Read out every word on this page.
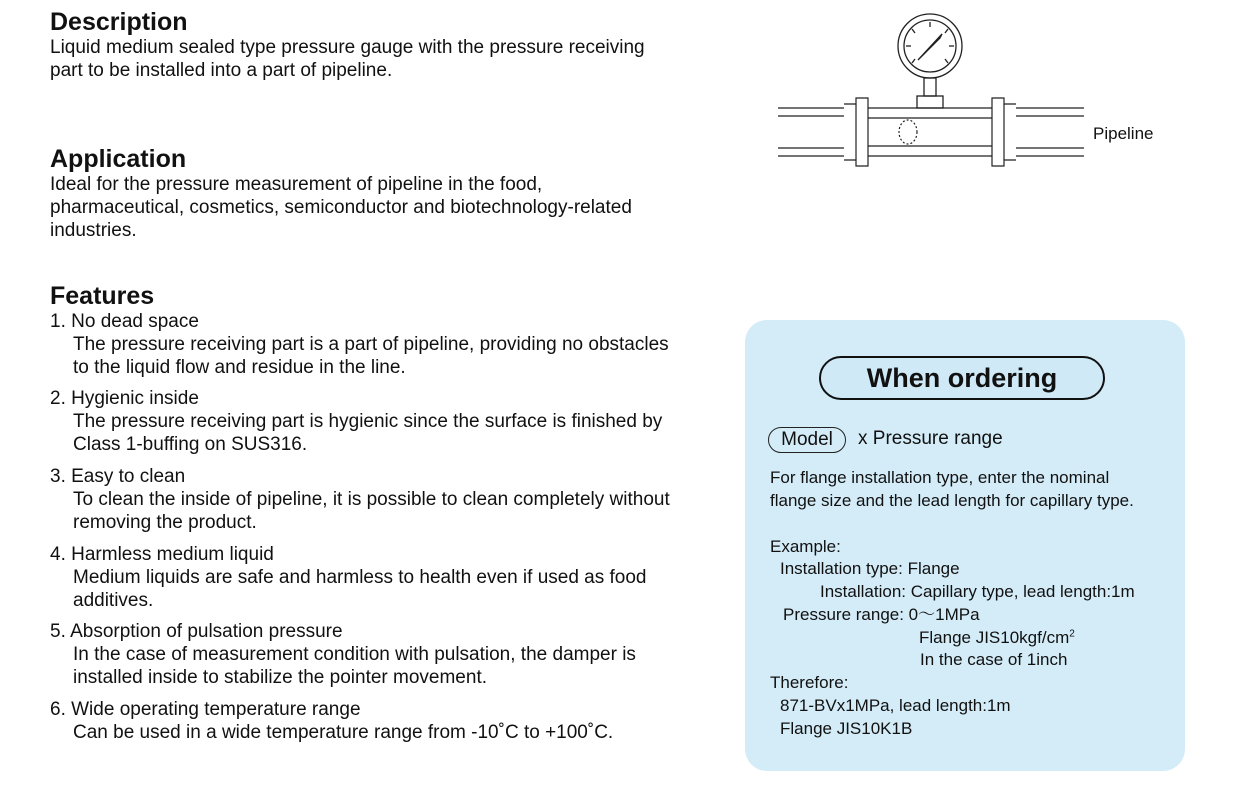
Description
Liquid medium sealed type pressure gauge with the pressure receiving
part to be installed into a part of pipeline.
Application
Ideal for the pressure measurement of pipeline in the food,
pharmaceutical, cosmetics, semiconductor and biotechnology-related
industries.
Features
1. No dead space
The pressure receiving part is a part of pipeline, providing no obstacles
to the liquid flow and residue in the line.
2. Hygienic inside
The pressure receiving part is hygienic since the surface is finished by
Class 1-buffing on SUS316.
3. Easy to clean
To clean the inside of pipeline, it is possible to clean completely without
removing the product.
4. Harmless medium liquid
Medium liquids are safe and harmless to health even if used as food
additives.
5. Absorption of pulsation pressure
In the case of measurement condition with pulsation, the damper is
installed inside to stabilize the pointer movement.
6. Wide operating temperature range
Can be used in a wide temperature range from -10˚C to +100˚C.
Pipeline
When ordering
Model	x Pressure range
For flange installation type, enter the nominal
flange size and the lead length for capillary type.
Example:
Installation type: Flange
Installation: Capillary type, lead length:1m
Pressure range: 0〜1MPa
Flange $JIS10kgf/cm^2$
In the case of 1inch
Therefore:
871-BVx1MPa, lead length:1m
Flange JIS10K1B
